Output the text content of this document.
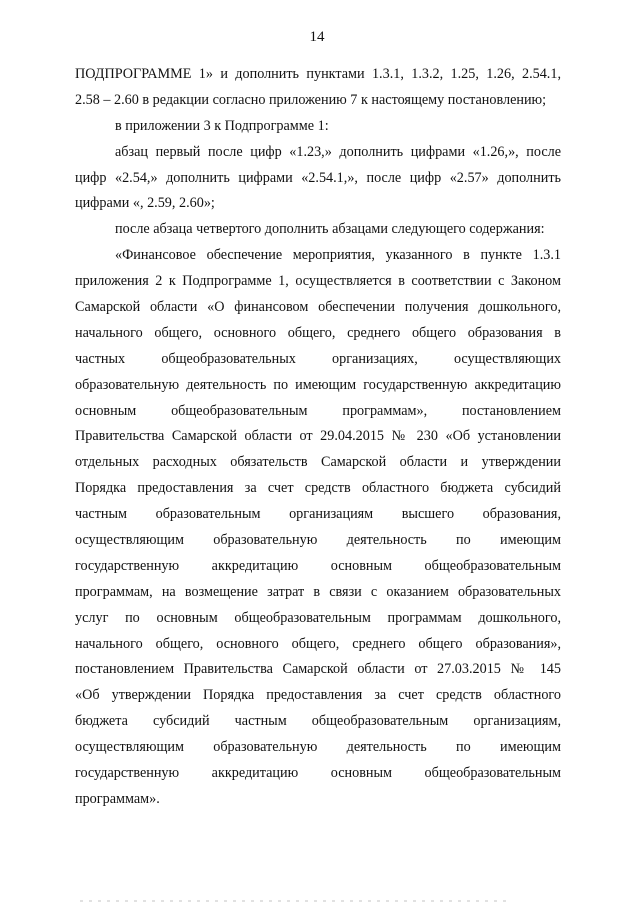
14
ПОДПРОГРАММЕ 1» и дополнить пунктами 1.3.1, 1.3.2, 1.25, 1.26, 2.54.1,
2.58 – 2.60 в редакции согласно приложению 7 к настоящему постановлению;
в приложении 3 к Подпрограмме 1:
абзац первый после цифр «1.23,» дополнить цифрами «1.26,», после
цифр «2.54,» дополнить цифрами «2.54.1,», после цифр «2.57» дополнить
цифрами «, 2.59, 2.60»;
после абзаца четвертого дополнить абзацами следующего содержания:
«Финансовое обеспечение мероприятия, указанного в пункте 1.3.1
приложения 2 к Подпрограмме 1, осуществляется в соответствии с Законом
Самарской области «О финансовом обеспечении получения дошкольного,
начального общего, основного общего, среднего общего образования в
частных общеобразовательных организациях, осуществляющих
образовательную деятельность по имеющим государственную аккредитацию
основным общеобразовательным программам», постановлением
Правительства Самарской области от 29.04.2015 № 230 «Об установлении
отдельных расходных обязательств Самарской области и утверждении
Порядка предоставления за счет средств областного бюджета субсидий
частным образовательным организациям высшего образования,
осуществляющим образовательную деятельность по имеющим
государственную аккредитацию основным общеобразовательным
программам, на возмещение затрат в связи с оказанием образовательных
услуг по основным общеобразовательным программам дошкольного,
начального общего, основного общего, среднего общего образования»,
постановлением Правительства Самарской области от 27.03.2015 № 145
«Об утверждении Порядка предоставления за счет средств областного
бюджета субсидий частным общеобразовательным организациям,
осуществляющим образовательную деятельность по имеющим
государственную аккредитацию основным общеобразовательным
программам».
